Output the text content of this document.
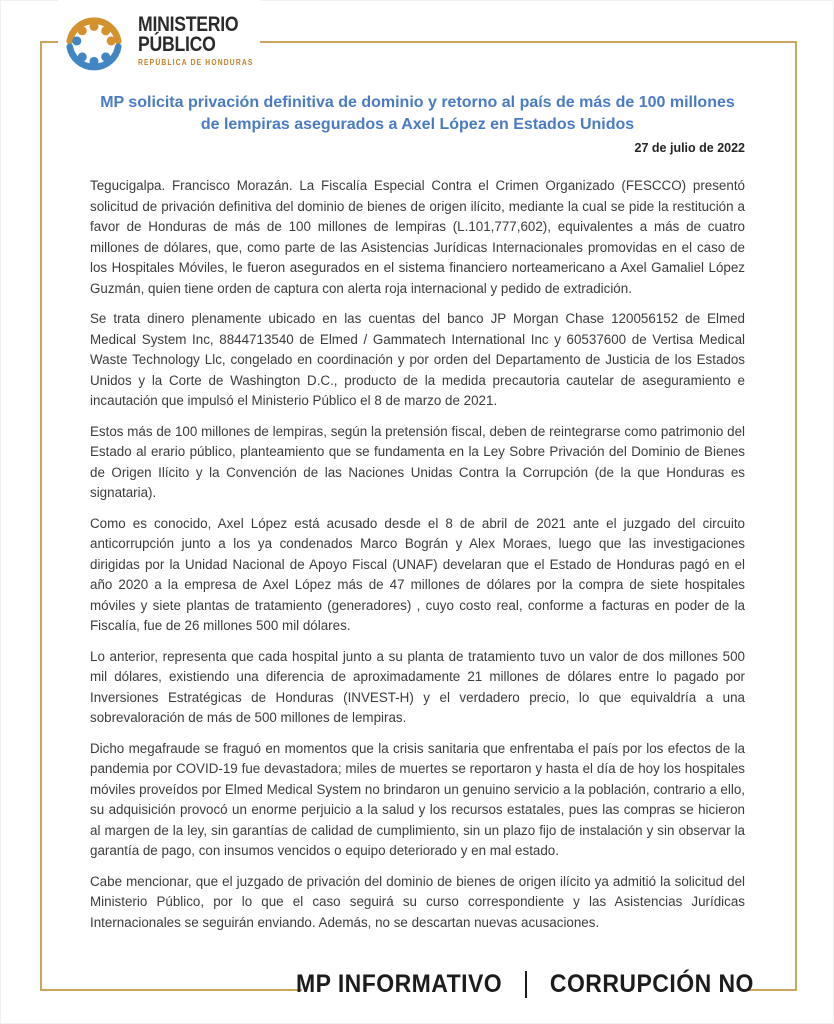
MINISTERIO
PÚBLICO
REPÚBLICA DE HONDURAS
MP solicita privación definitiva de dominio y retorno al país de más de 100 millones de lempiras asegurados a Axel López en Estados Unidos
27 de julio de 2022

Tegucigalpa. Francisco Morazán. La Fiscalía Especial Contra el Crimen Organizado (FESCCO) presentó solicitud de privación definitiva del dominio de bienes de origen ilícito, mediante la cual se pide la restitución a favor de Honduras de más de 100 millones de lempiras (L.101,777,602), equivalentes a más de cuatro millones de dólares, que, como parte de las Asistencias Jurídicas Internacionales promovidas en el caso de los Hospitales Móviles, le fueron asegurados en el sistema financiero norteamericano a Axel Gamaliel López Guzmán, quien tiene orden de captura con alerta roja internacional y pedido de extradición.

Se trata dinero plenamente ubicado en las cuentas del banco JP Morgan Chase 120056152 de Elmed Medical System Inc, 8844713540 de Elmed / Gammatech International Inc y 60537600 de Vertisa Medical Waste Technology Llc, congelado en coordinación y por orden del Departamento de Justicia de los Estados Unidos y la Corte de Washington D.C., producto de la medida precautoria cautelar de aseguramiento e incautación que impulsó el Ministerio Público el 8 de marzo de 2021.

Estos más de 100 millones de lempiras, según la pretensión fiscal, deben de reintegrarse como patrimonio del Estado al erario público, planteamiento que se fundamenta en la Ley Sobre Privación del Dominio de Bienes de Origen Ilícito y la Convención de las Naciones Unidas Contra la Corrupción (de la que Honduras es signataria).

Como es conocido, Axel López está acusado desde el 8 de abril de 2021 ante el juzgado del circuito anticorrupción junto a los ya condenados Marco Bográn y Alex Moraes, luego que las investigaciones dirigidas por la Unidad Nacional de Apoyo Fiscal (UNAF) develaran que el Estado de Honduras pagó en el año 2020 a la empresa de Axel López más de 47 millones de dólares por la compra de siete hospitales móviles y siete plantas de tratamiento (generadores) , cuyo costo real, conforme a facturas en poder de la Fiscalía, fue de 26 millones 500 mil dólares.

Lo anterior, representa que cada hospital junto a su planta de tratamiento tuvo un valor de dos millones 500 mil dólares, existiendo una diferencia de aproximadamente 21 millones de dólares entre lo pagado por Inversiones Estratégicas de Honduras (INVEST-H) y el verdadero precio, lo que equivaldría a una sobrevaloración de más de 500 millones de lempiras.

Dicho megafraude se fraguó en momentos que la crisis sanitaria que enfrentaba el país por los efectos de la pandemia por COVID-19 fue devastadora; miles de muertes se reportaron y hasta el día de hoy los hospitales móviles proveídos por Elmed Medical System no brindaron un genuino servicio a la población, contrario a ello, su adquisición provocó un enorme perjuicio a la salud y los recursos estatales, pues las compras se hicieron al margen de la ley, sin garantías de calidad de cumplimiento, sin un plazo fijo de instalación y sin observar la garantía de pago, con insumos vencidos o equipo deteriorado y en mal estado.

Cabe mencionar, que el juzgado de privación del dominio de bienes de origen ilícito ya admitió la solicitud del Ministerio Público, por lo que el caso seguirá su curso correspondiente y las Asistencias Jurídicas Internacionales se seguirán enviando. Además, no se descartan nuevas acusaciones.

MP INFORMATIVO CORRUPCIÓN NO
